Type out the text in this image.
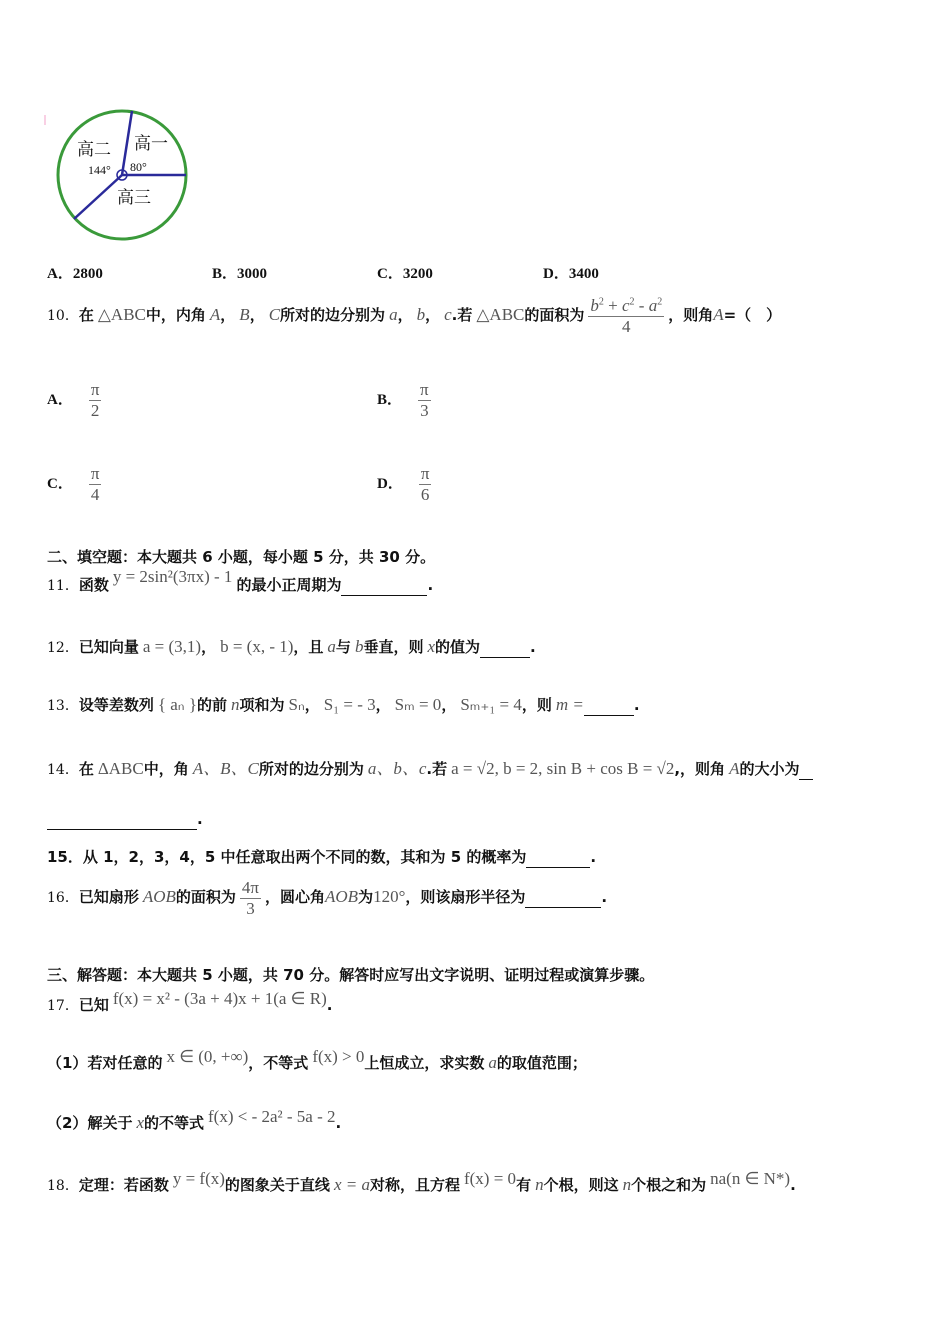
高二 高一
高三
144° 80°
A．2800	B．3000	C．3200	D．3400
10．在 △ABC中，内角 A， B， C所对的边分别为 a， b， c.若 △ABC的面积为 $\frac{b^2 + c^2 - a^2}{4}$ ，则角A=（　）
A． $\frac{\pi}{2}$	B． $\frac{\pi}{3}$
C． $\frac{\pi}{4}$	D． $\frac{\pi}{6}$
二、填空题：本大题共 6 小题，每小题 5 分，共 30 分。
11．函数 y = 2sin²(3πx) - 1 的最小正周期为	.
12．已知向量 a = (3,1)， b = (x, - 1)，且 a与 b垂直，则 x的值为	.
13．设等差数列 { aₙ }的前 n项和为 Sₙ， S₁ = - 3， Sₘ = 0， Sₘ₊₁ = 4，则 m =	.
14．在 ΔABC中，角 A、B、C所对的边分别为 a、b、c.若 a = √2, b = 2, sin B + cos B = √2,，则角 A的大小为
.
15．从 1，2，3，4，5 中任意取出两个不同的数，其和为 5 的概率为	.
16．已知扇形 AOB的面积为 $\frac{4\pi}{3}$ ，圆心角AOB为120°，则该扇形半径为	.
三、解答题：本大题共 5 小题，共 70 分。解答时应写出文字说明、证明过程或演算步骤。
17．已知 f(x) = x² - (3a + 4)x + 1(a ∈ R).
（1）若对任意的 x ∈ (0, +∞)，不等式 f(x) > 0上恒成立，求实数 a的取值范围；
（2）解关于 x的不等式 f(x) < - 2a² - 5a - 2.
18．定理：若函数 y = f(x)的图象关于直线 x = a对称，且方程 f(x) = 0有 n个根，则这 n个根之和为 na(n ∈ N*).
